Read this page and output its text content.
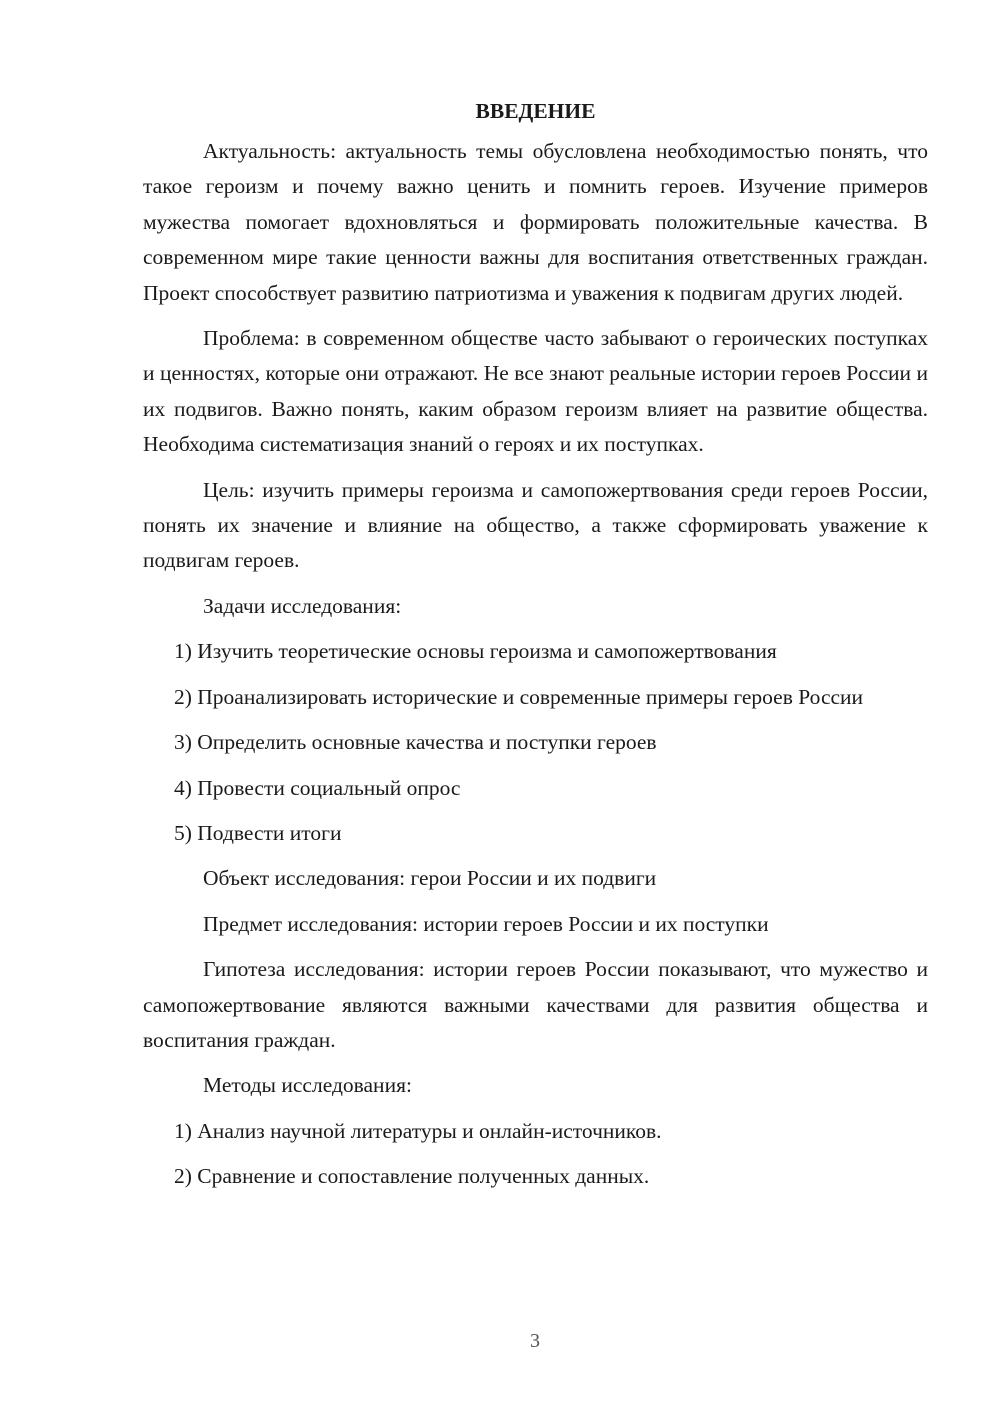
ВВЕДЕНИЕ

Актуальность: актуальность темы обусловлена необходимостью понять, что такое героизм и почему важно ценить и помнить героев. Изучение примеров мужества помогает вдохновляться и формировать положительные качества. В современном мире такие ценности важны для воспитания ответственных граждан. Проект способствует развитию патриотизма и уважения к подвигам других людей.

Проблема: в современном обществе часто забывают о героических поступках и ценностях, которые они отражают. Не все знают реальные истории героев России и их подвигов. Важно понять, каким образом героизм влияет на развитие общества. Необходима систематизация знаний о героях и их поступках.

Цель: изучить примеры героизма и самопожертвования среди героев России, понять их значение и влияние на общество, а также сформировать уважение к подвигам героев.

Задачи исследования:

1) Изучить теоретические основы героизма и самопожертвования

2) Проанализировать исторические и современные примеры героев России

3) Определить основные качества и поступки героев

4) Провести социальный опрос

5) Подвести итоги

Объект исследования: герои России и их подвиги

Предмет исследования: истории героев России и их поступки

Гипотеза исследования: истории героев России показывают, что мужество и самопожертвование являются важными качествами для развития общества и воспитания граждан.

Методы исследования:

1) Анализ научной литературы и онлайн-источников.

2) Сравнение и сопоставление полученных данных.

3
